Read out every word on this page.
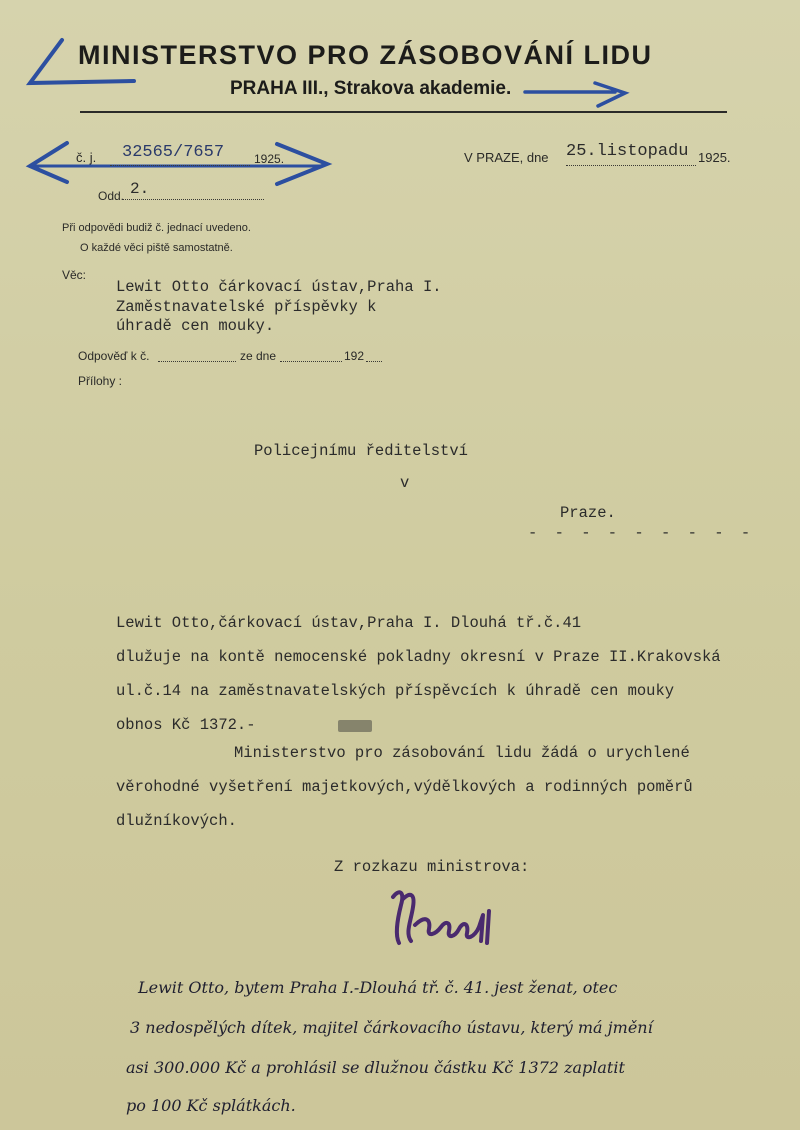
MINISTERSTVO PRO ZÁSOBOVÁNÍ LIDU
PRAHA III., Strakova akademie.
č. j. 32565/7657 1925.	V PRAZE, dne 25.listopadu 1925.
Odd. 2.
Při odpovědi budiž č. jednací uvedeno.
O každé věci piště samostatně.
Věc:
Lewit Otto čárkovací ústav,Praha I.
Zaměstnavatelské příspěvky k
úhradě cen mouky.
Odpověď k č.	ze dne	192
Přílohy :
Policejnímu ředitelství
v
Praze.
- - - - - - - - -
Lewit Otto,čárkovací ústav,Praha I. Dlouhá tř.č.41
dlužuje na kontě nemocenské pokladny okresní v Praze II.Krakovská
ul.č.14 na zaměstnavatelských příspěvcích k úhradě cen mouky
obnos Kč 1372.-
Ministerstvo pro zásobování lidu žádá o urychlené
věrohodné vyšetření majetkových,výdělkových a rodinných poměrů
dlužníkových.
Z rozkazu ministrova:
Lewit Otto, bytem Praha I.-Dlouhá tř. č. 41. jest ženat, otec
3 nedospělých dítek, majitel čárkovacího ústavu, který má jmění
asi 300.000 Kč a prohlásil se dlužnou částku Kč 1372 zaplatit
po 100 Kč splátkách.
